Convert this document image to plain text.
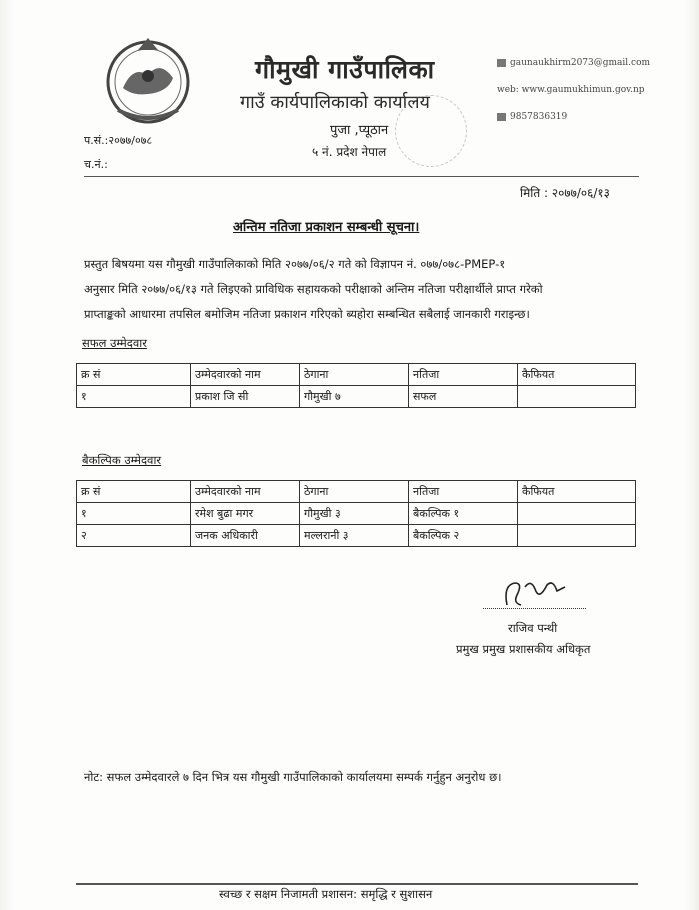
गौमुखी गाउँपालिका
गाउँ कार्यपालिकाको कार्यालय
पुजा ,प्यूठान
५ नं. प्रदेश नेपाल
gaunaukhirm2073@gmail.com
web: www.gaumukhimun.gov.np
9857836319
प.सं.:२०७७/०७८
च.नं.:
मिति : २०७७/०६/१३
अन्तिम नतिजा प्रकाशन सम्बन्धी सूचना।
प्रस्तुत बिषयमा यस गौमुखी गाउँपालिकाको मिति २०७७/०६/२ गते को विज्ञापन नं. ०७७/०७८-PMEP-१
अनुसार मिति २०७७/०६/१३ गते लिइएको प्राविधिक सहायकको परीक्षाको अन्तिम नतिजा परीक्षार्थीले प्राप्त गरेको
प्राप्ताङ्कको आधारमा तपसिल बमोजिम नतिजा प्रकाशन गरिएको ब्यहोरा सम्बन्धित सबैलाई जानकारी गराइन्छ।
सफल उम्मेदवार
क्र सं	उम्मेदवारको नाम	ठेगाना	नतिजा	कैफियत
१	प्रकाश जि सी	गौमुखी ७	सफल	
बैकल्पिक उम्मेदवार
क्र सं	उम्मेदवारको नाम	ठेगाना	नतिजा	कैफियत
१	रमेश बुढा मगर	गौमुखी ३	बैकल्पिक १	
२	जनक अधिकारी	मल्लरानी ३	बैकल्पिक २	
राजिव पन्थी
प्रमुख प्रमुख प्रशासकीय अधिकृत
नोट: सफल उम्मेदवारले ७ दिन भित्र यस गौमुखी गाउँपालिकाको कार्यालयमा सम्पर्क गर्नुहुन अनुरोध छ।
स्वच्छ र सक्षम निजामती प्रशासन: समृद्धि र सुशासन
